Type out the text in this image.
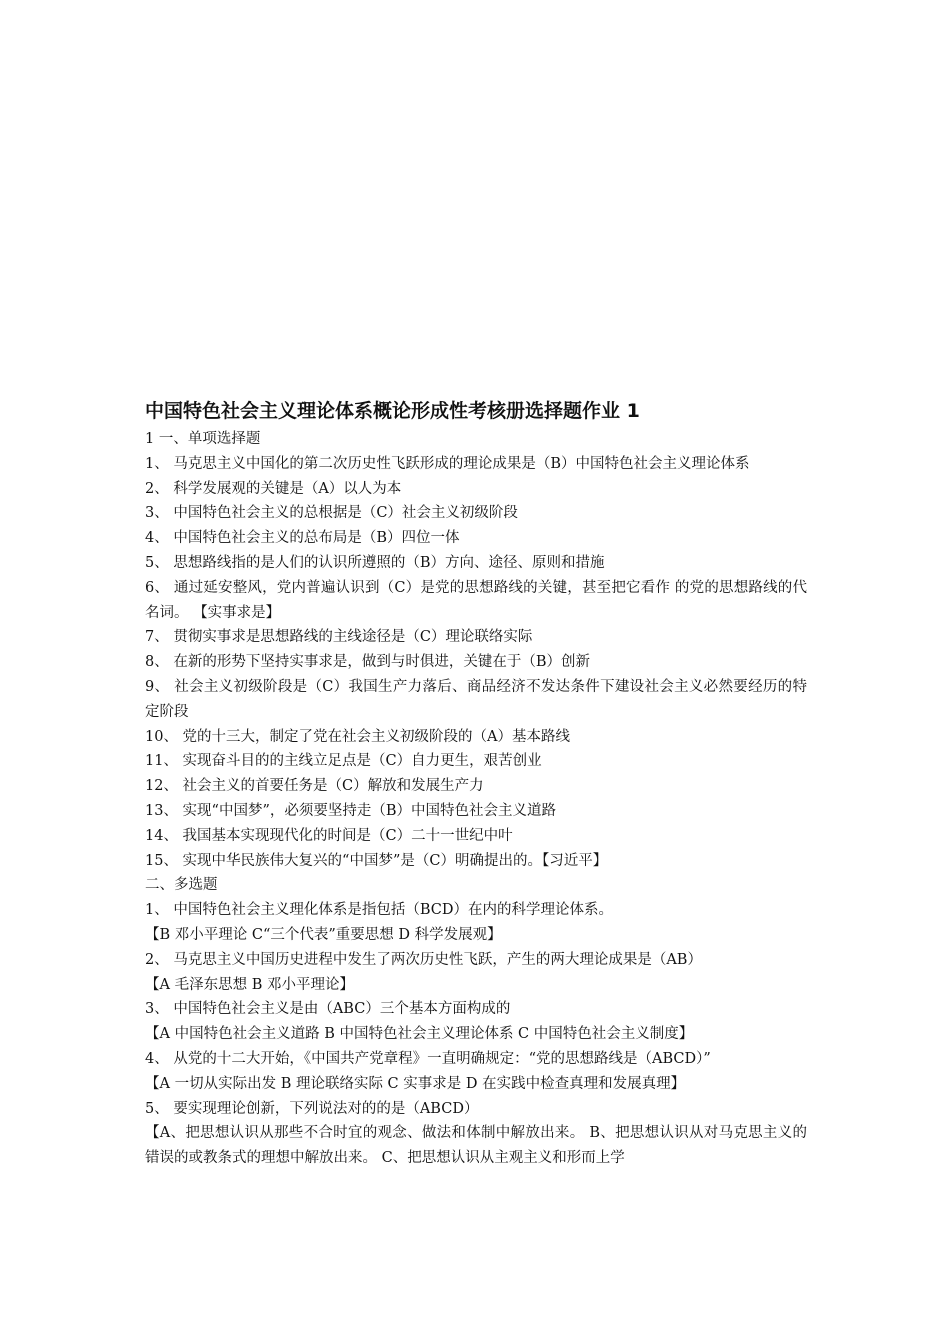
中国特色社会主义理论体系概论形成性考核册选择题作业 1

1 一、单项选择题

1、 马克思主义中国化的第二次历史性飞跃形成的理论成果是（B）中国特色社会主义理论体系

2、 科学发展观的关键是（A）以人为本

3、 中国特色社会主义的总根据是（C）社会主义初级阶段

4、 中国特色社会主义的总布局是（B）四位一体

5、 思想路线指的是人们的认识所遵照的（B）方向、途径、原则和措施

6、 通过延安整风，党内普遍认识到（C）是党的思想路线的关键，甚至把它看作 的党的思想路线的代名词。 【实事求是】

7、 贯彻实事求是思想路线的主线途径是（C）理论联络实际

8、 在新的形势下坚持实事求是，做到与时俱进，关键在于（B）创新

9、 社会主义初级阶段是（C）我国生产力落后、商品经济不发达条件下建设社会主义必然要经历的特定阶段

10、 党的十三大，制定了党在社会主义初级阶段的（A）基本路线

11、 实现奋斗目的的主线立足点是（C）自力更生，艰苦创业

12、 社会主义的首要任务是（C）解放和发展生产力

13、 实现“中国梦”，必须要坚持走（B）中国特色社会主义道路

14、 我国基本实现现代化的时间是（C）二十一世纪中叶

15、 实现中华民族伟大复兴的“中国梦”是（C）明确提出的。【习近平】

二、多选题

1、 中国特色社会主义理化体系是指包括（BCD）在内的科学理论体系。

【B 邓小平理论 C“三个代表”重要思想 D 科学发展观】

2、 马克思主义中国历史进程中发生了两次历史性飞跃，产生的两大理论成果是（AB）

【A 毛泽东思想 B 邓小平理论】

3、 中国特色社会主义是由（ABC）三个基本方面构成的

【A 中国特色社会主义道路 B 中国特色社会主义理论体系 C 中国特色社会主义制度】

4、 从党的十二大开始，《中国共产党章程》一直明确规定：“党的思想路线是（ABCD）”

【A 一切从实际出发 B 理论联络实际 C 实事求是 D 在实践中检查真理和发展真理】

5、 要实现理论创新，下列说法对的的是（ABCD）

【A、把思想认识从那些不合时宜的观念、做法和体制中解放出来。 B、把思想认识从对马克思主义的错误的或教条式的理想中解放出来。 C、把思想认识从主观主义和形而上学
